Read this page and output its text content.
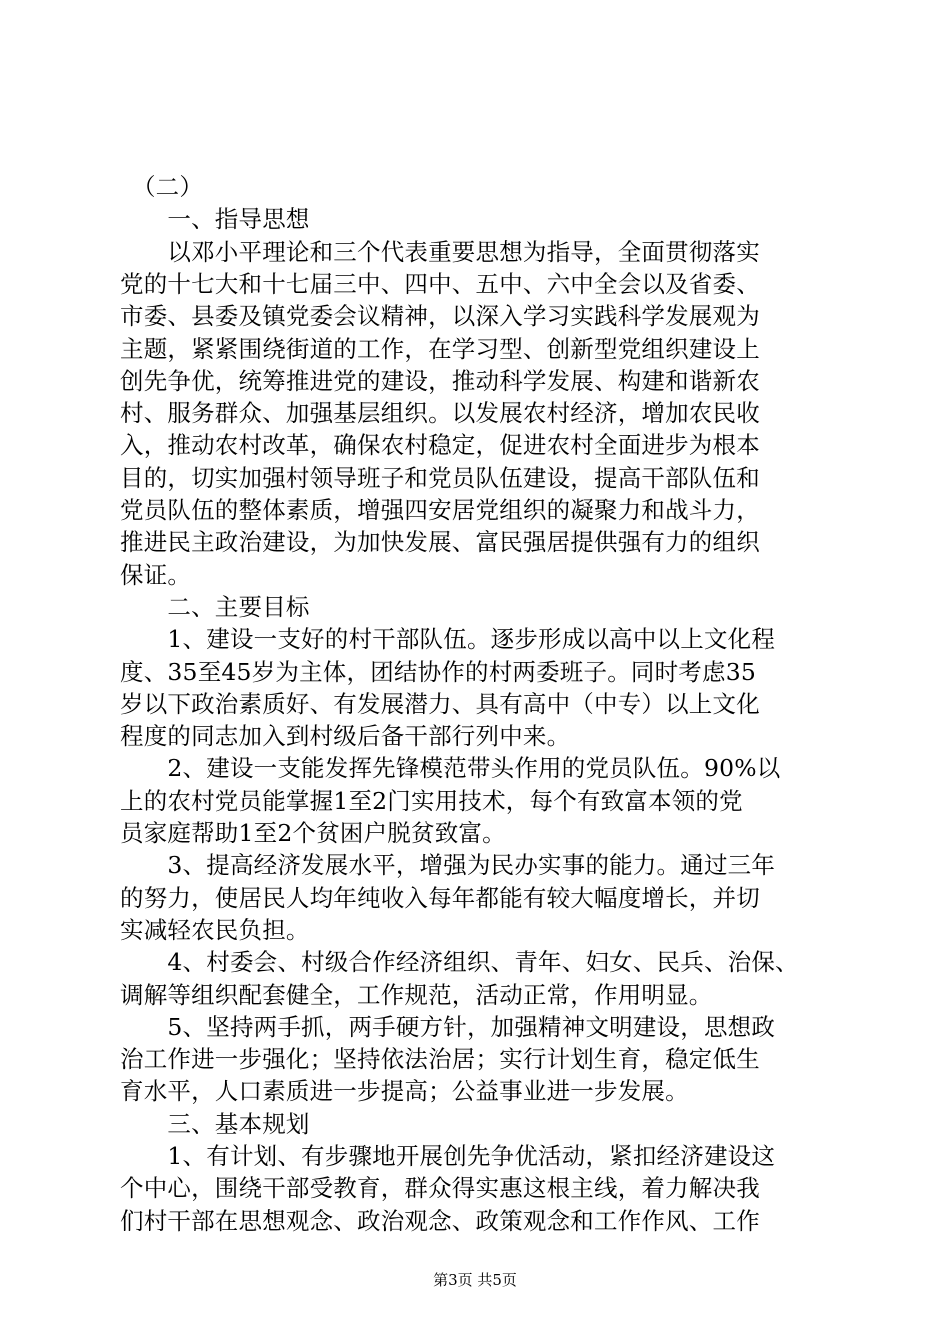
　（二）
　　一、指导思想
　　以邓小平理论和三个代表重要思想为指导，全面贯彻落实
党的十七大和十七届三中、四中、五中、六中全会以及省委、
市委、县委及镇党委会议精神，以深入学习实践科学发展观为
主题，紧紧围绕街道的工作，在学习型、创新型党组织建设上
创先争优，统筹推进党的建设，推动科学发展、构建和谐新农
村、服务群众、加强基层组织。以发展农村经济，增加农民收
入，推动农村改革，确保农村稳定，促进农村全面进步为根本
目的，切实加强村领导班子和党员队伍建设，提高干部队伍和
党员队伍的整体素质，增强四安居党组织的凝聚力和战斗力，
推进民主政治建设，为加快发展、富民强居提供强有力的组织
保证。
　　二、主要目标
　　1、建设一支好的村干部队伍。逐步形成以高中以上文化程
度、35至45岁为主体，团结协作的村两委班子。同时考虑35
岁以下政治素质好、有发展潜力、具有高中（中专）以上文化
程度的同志加入到村级后备干部行列中来。
　　2、建设一支能发挥先锋模范带头作用的党员队伍。90%以
上的农村党员能掌握1至2门实用技术，每个有致富本领的党
员家庭帮助1至2个贫困户脱贫致富。
　　3、提高经济发展水平，增强为民办实事的能力。通过三年
的努力，使居民人均年纯收入每年都能有较大幅度增长，并切
实减轻农民负担。
　　4、村委会、村级合作经济组织、青年、妇女、民兵、治保、
调解等组织配套健全，工作规范，活动正常，作用明显。
　　5、坚持两手抓，两手硬方针，加强精神文明建设，思想政
治工作进一步强化；坚持依法治居；实行计划生育，稳定低生
育水平，人口素质进一步提高；公益事业进一步发展。
　　三、基本规划
　　1、有计划、有步骤地开展创先争优活动，紧扣经济建设这
个中心，围绕干部受教育，群众得实惠这根主线，着力解决我
们村干部在思想观念、政治观念、政策观念和工作作风、工作
第3页 共5页
